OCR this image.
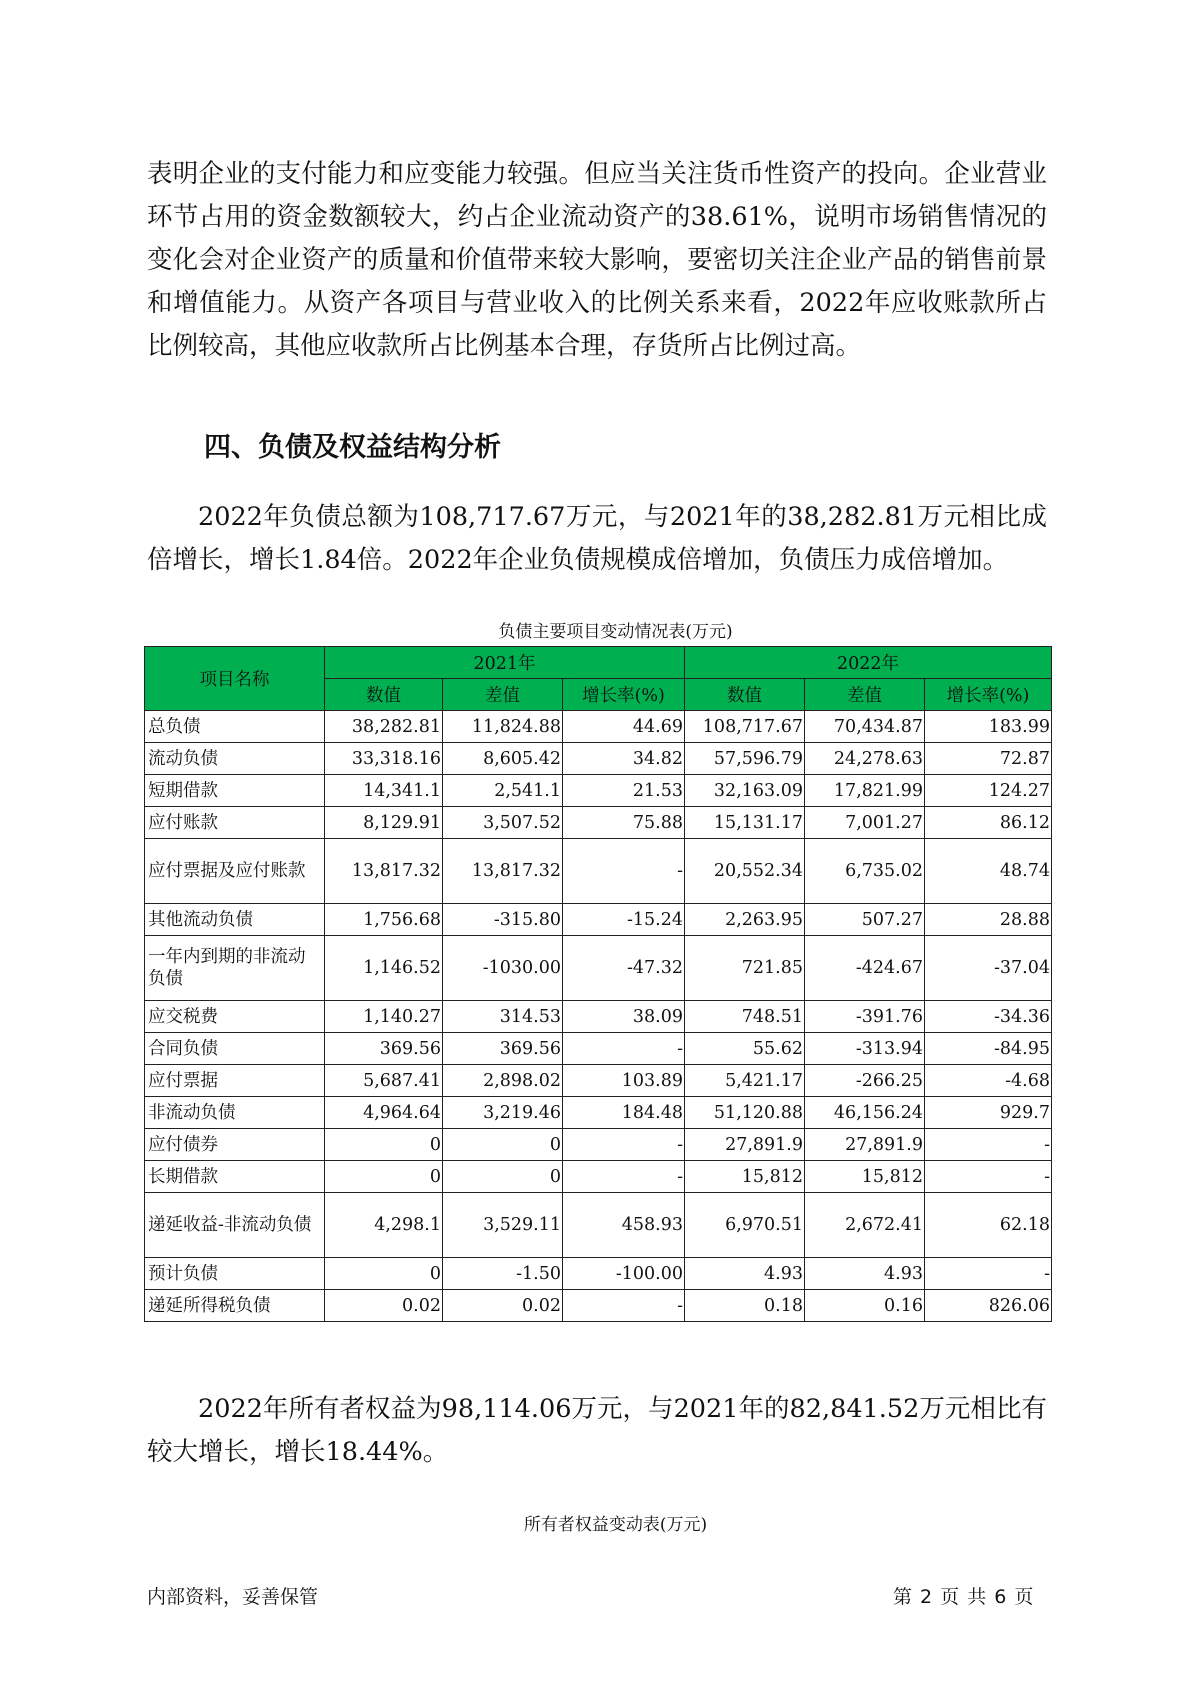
表明企业的支付能力和应变能力较强。但应当关注货币性资产的投向。企业营业环节占用的资金数额较大，约占企业流动资产的38.61%，说明市场销售情况的变化会对企业资产的质量和价值带来较大影响，要密切关注企业产品的销售前景和增值能力。从资产各项目与营业收入的比例关系来看，2022年应收账款所占比例较高，其他应收款所占比例基本合理，存货所占比例过高。

四、负债及权益结构分析

2022年负债总额为108,717.67万元，与2021年的38,282.81万元相比成倍增长，增长1.84倍。2022年企业负债规模成倍增加，负债压力成倍增加。

负债主要项目变动情况表(万元)
项目名称	2021年			2022年		
	数值	差值	增长率(%)	数值	差值	增长率(%)
总负债	38,282.81	11,824.88	44.69	108,717.67	70,434.87	183.99
流动负债	33,318.16	8,605.42	34.82	57,596.79	24,278.63	72.87
短期借款	14,341.1	2,541.1	21.53	32,163.09	17,821.99	124.27
应付账款	8,129.91	3,507.52	75.88	15,131.17	7,001.27	86.12
应付票据及应付账款	13,817.32	13,817.32	-	20,552.34	6,735.02	48.74
其他流动负债	1,756.68	-315.80	-15.24	2,263.95	507.27	28.88
一年内到期的非流动负债	1,146.52	-1030.00	-47.32	721.85	-424.67	-37.04
应交税费	1,140.27	314.53	38.09	748.51	-391.76	-34.36
合同负债	369.56	369.56	-	55.62	-313.94	-84.95
应付票据	5,687.41	2,898.02	103.89	5,421.17	-266.25	-4.68
非流动负债	4,964.64	3,219.46	184.48	51,120.88	46,156.24	929.7
应付债券	0	0	-	27,891.9	27,891.9	-
长期借款	0	0	-	15,812	15,812	-
递延收益-非流动负债	4,298.1	3,529.11	458.93	6,970.51	2,672.41	62.18
预计负债	0	-1.50	-100.00	4.93	4.93	-
递延所得税负债	0.02	0.02	-	0.18	0.16	826.06

2022年所有者权益为98,114.06万元，与2021年的82,841.52万元相比有较大增长，增长18.44%。

所有者权益变动表(万元)
内部资料，妥善保管	第 2 页 共 6 页
